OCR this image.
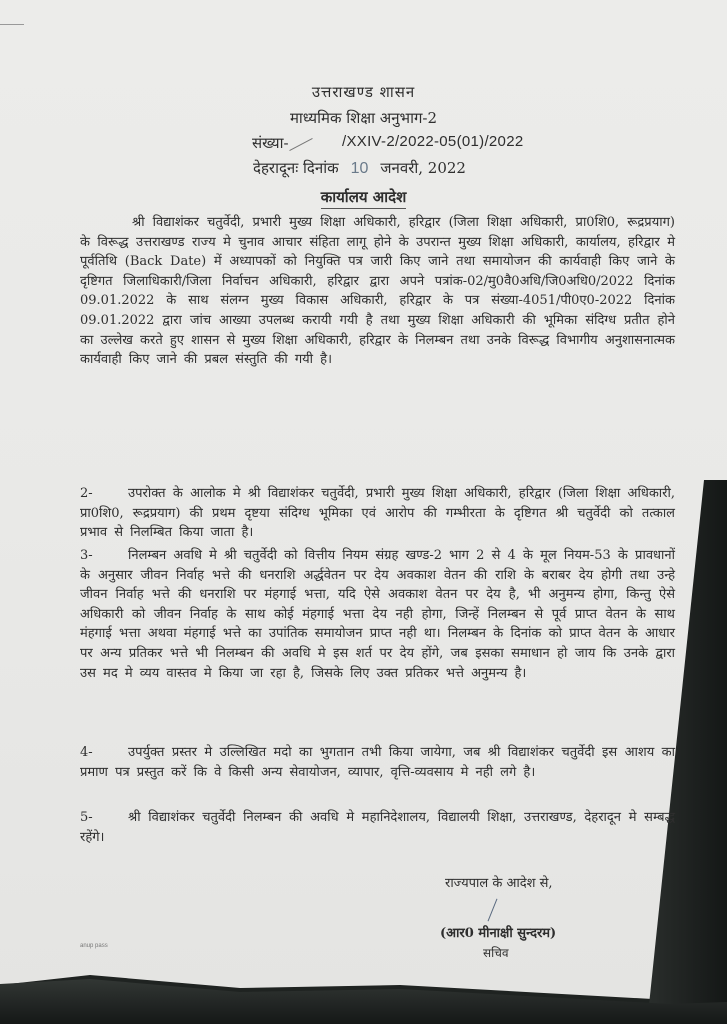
उत्तराखण्ड शासन
माध्यमिक शिक्षा अनुभाग-2
संख्या-	/XXIV-2/2022-05(01)/2022
देहरादूनः दिनांक 10 जनवरी, 2022
कार्यालय आदेश
श्री विद्याशंकर चतुर्वेदी, प्रभारी मुख्य शिक्षा अधिकारी, हरिद्वार (जिला शिक्षा अधिकारी, प्रा0शि0, रूद्रप्रयाग) के विरूद्ध उत्तराखण्ड राज्य मे चुनाव आचार संहिता लागू होने के उपरान्त मुख्य शिक्षा अधिकारी, कार्यालय, हरिद्वार मे पूर्वतिथि (Back Date) में अध्यापकों को नियुक्ति पत्र जारी किए जाने तथा समायोजन की कार्यवाही किए जाने के दृष्टिगत जिलाधिकारी/जिला निर्वाचन अधिकारी, हरिद्वार द्वारा अपने पत्रांक-02/मु0वै0अधि/जि0अधि0/2022 दिनांक 09.01.2022 के साथ संलग्न मुख्य विकास अधिकारी, हरिद्वार के पत्र संख्या-4051/पी0ए0-2022 दिनांक 09.01.2022 द्वारा जांच आख्या उपलब्ध करायी गयी है तथा मुख्य शिक्षा अधिकारी की भूमिका संदिग्ध प्रतीत होने का उल्लेख करते हुए शासन से मुख्य शिक्षा अधिकारी, हरिद्वार के निलम्बन तथा उनके विरूद्ध विभागीय अनुशासनात्मक कार्यवाही किए जाने की प्रबल संस्तुति की गयी है।
2-	उपरोक्त के आलोक मे श्री विद्याशंकर चतुर्वेदी, प्रभारी मुख्य शिक्षा अधिकारी, हरिद्वार (जिला शिक्षा अधिकारी, प्रा0शि0, रूद्रप्रयाग) की प्रथम दृष्टया संदिग्ध भूमिका एवं आरोप की गम्भीरता के दृष्टिगत श्री चतुर्वेदी को तत्काल प्रभाव से निलम्बित किया जाता है।
3-	निलम्बन अवधि मे श्री चतुर्वेदी को वित्तीय नियम संग्रह खण्ड-2 भाग 2 से 4 के मूल नियम-53 के प्रावधानों के अनुसार जीवन निर्वाह भत्ते की धनराशि अर्द्धवेतन पर देय अवकाश वेतन की राशि के बराबर देय होगी तथा उन्हे जीवन निर्वाह भत्ते की धनराशि पर मंहगाई भत्ता, यदि ऐसे अवकाश वेतन पर देय है, भी अनुमन्य होगा, किन्तु ऐसे अधिकारी को जीवन निर्वाह के साथ कोई मंहगाई भत्ता देय नही होगा, जिन्हें निलम्बन से पूर्व प्राप्त वेतन के साथ मंहगाई भत्ता अथवा मंहगाई भत्ते का उपांतिक समायोजन प्राप्त नही था। निलम्बन के दिनांक को प्राप्त वेतन के आधार पर अन्य प्रतिकर भत्ते भी निलम्बन की अवधि मे इस शर्त पर देय होंगे, जब इसका समाधान हो जाय कि उनके द्वारा उस मद मे व्यय वास्तव मे किया जा रहा है, जिसके लिए उक्त प्रतिकर भत्ते अनुमन्य है।
4-	उपर्युक्त प्रस्तर मे उल्लिखित मदो का भुगतान तभी किया जायेगा, जब श्री विद्याशंकर चतुर्वेदी इस आशय का प्रमाण पत्र प्रस्तुत करें कि वे किसी अन्य सेवायोजन, व्यापार, वृत्ति-व्यवसाय मे नही लगे है।
5-	श्री विद्याशंकर चतुर्वेदी निलम्बन की अवधि मे महानिदेशालय, विद्यालयी शिक्षा, उत्तराखण्ड, देहरादून मे सम्बद्ध रहेंगे।
राज्यपाल के आदेश से,
(आर0 मीनाक्षी सुन्दरम)
सचिव
anup pass
